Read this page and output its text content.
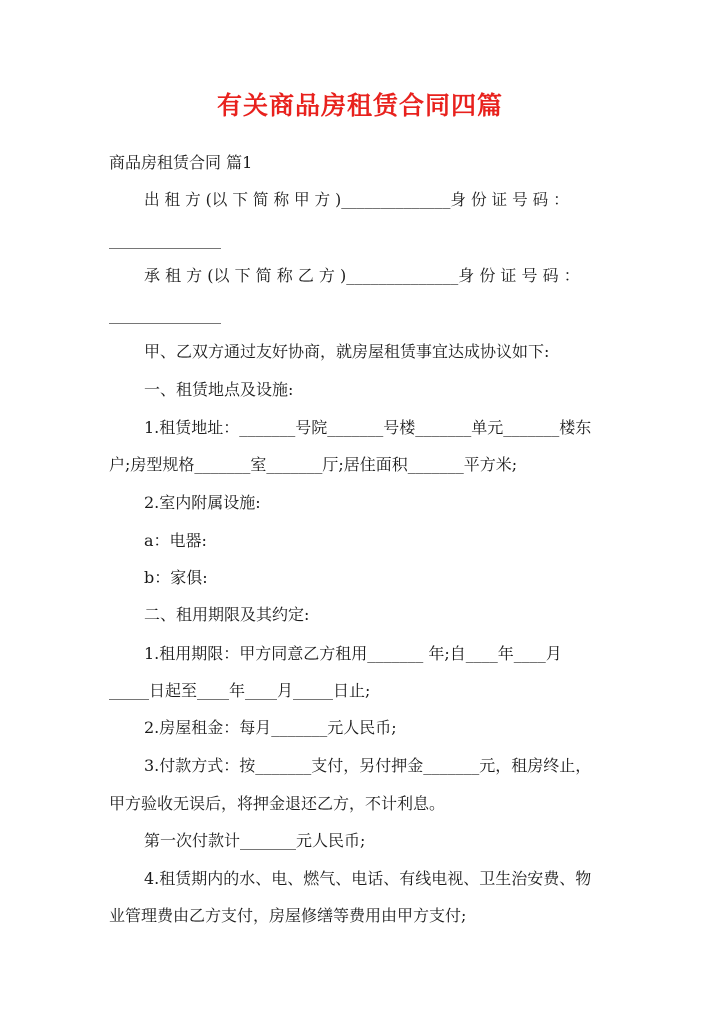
有关商品房租赁合同四篇
商品房租赁合同 篇1
出 租 方 (以 下 简 称 甲 方 )______________身 份 证 号 码 ：
______________
承 租 方 (以 下 简 称 乙 方 )______________身 份 证 号 码 ：
______________
甲、乙双方通过友好协商，就房屋租赁事宜达成协议如下:
一、租赁地点及设施:
1.租赁地址：_______号院_______号楼_______单元_______楼东
户;房型规格_______室_______厅;居住面积_______平方米;
2.室内附属设施:
a：电器:
b：家俱:
二、租用期限及其约定:
1.租用期限：甲方同意乙方租用_______ 年;自____年____月
_____日起至____年____月_____日止;
2.房屋租金：每月_______元人民币;
3.付款方式：按_______支付，另付押金_______元，租房终止，
甲方验收无误后，将押金退还乙方，不计利息。
第一次付款计_______元人民币;
4.租赁期内的水、电、燃气、电话、有线电视、卫生治安费、物
业管理费由乙方支付，房屋修缮等费用由甲方支付;
